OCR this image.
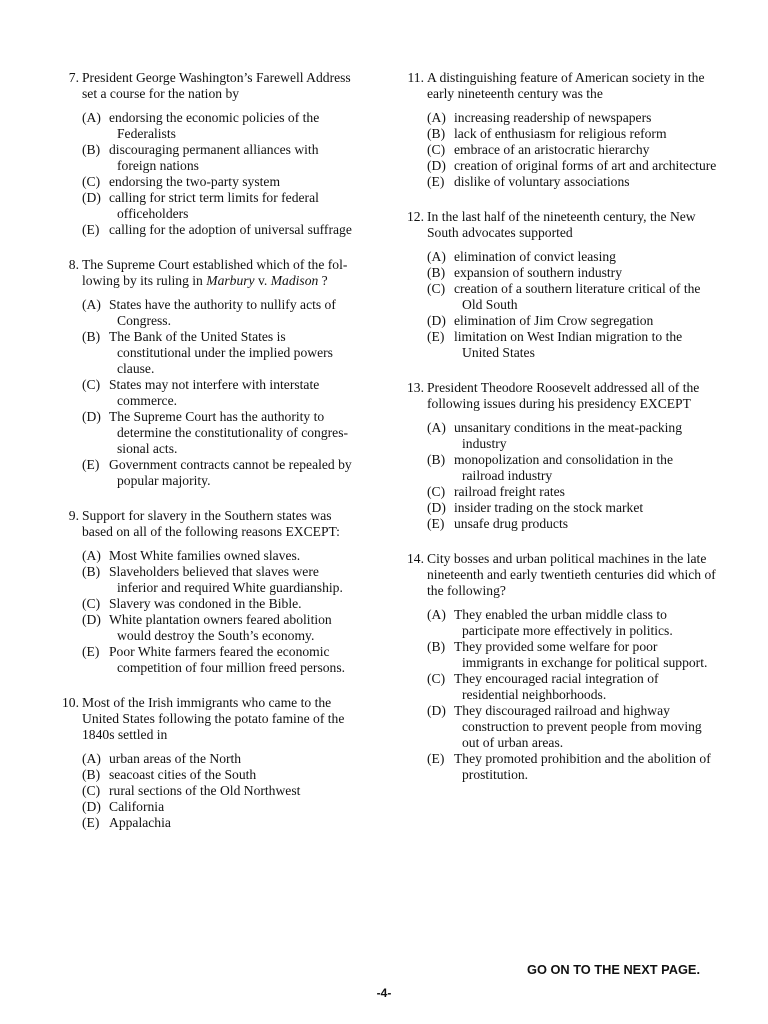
7. President George Washington’s Farewell Address set a course for the nation by
(A) endorsing the economic policies of the Federalists
(B) discouraging permanent alliances with foreign nations
(C) endorsing the two-party system
(D) calling for strict term limits for federal officeholders
(E) calling for the adoption of universal suffrage
8. The Supreme Court established which of the fol- lowing by its ruling in Marbury v. Madison ?
(A) States have the authority to nullify acts of Congress.
(B) The Bank of the United States is constitutional under the implied powers clause.
(C) States may not interfere with interstate commerce.
(D) The Supreme Court has the authority to determine the constitutionality of congres- sional acts.
(E) Government contracts cannot be repealed by popular majority.
9. Support for slavery in the Southern states was based on all of the following reasons EXCEPT:
(A) Most White families owned slaves.
(B) Slaveholders believed that slaves were inferior and required White guardianship.
(C) Slavery was condoned in the Bible.
(D) White plantation owners feared abolition would destroy the South’s economy.
(E) Poor White farmers feared the economic competition of four million freed persons.
10. Most of the Irish immigrants who came to the United States following the potato famine of the 1840s settled in
(A) urban areas of the North
(B) seacoast cities of the South
(C) rural sections of the Old Northwest
(D) California
(E) Appalachia
11. A distinguishing feature of American society in the early nineteenth century was the
(A) increasing readership of newspapers
(B) lack of enthusiasm for religious reform
(C) embrace of an aristocratic hierarchy
(D) creation of original forms of art and architecture
(E) dislike of voluntary associations
12. In the last half of the nineteenth century, the New South advocates supported
(A) elimination of convict leasing
(B) expansion of southern industry
(C) creation of a southern literature critical of the Old South
(D) elimination of Jim Crow segregation
(E) limitation on West Indian migration to the United States
13. President Theodore Roosevelt addressed all of the following issues during his presidency EXCEPT
(A) unsanitary conditions in the meat-packing industry
(B) monopolization and consolidation in the railroad industry
(C) railroad freight rates
(D) insider trading on the stock market
(E) unsafe drug products
14. City bosses and urban political machines in the late nineteenth and early twentieth centuries did which of the following?
(A) They enabled the urban middle class to participate more effectively in politics.
(B) They provided some welfare for poor immigrants in exchange for political support.
(C) They encouraged racial integration of residential neighborhoods.
(D) They discouraged railroad and highway construction to prevent people from moving out of urban areas.
(E) They promoted prohibition and the abolition of prostitution.
GO ON TO THE NEXT PAGE.
-4-
